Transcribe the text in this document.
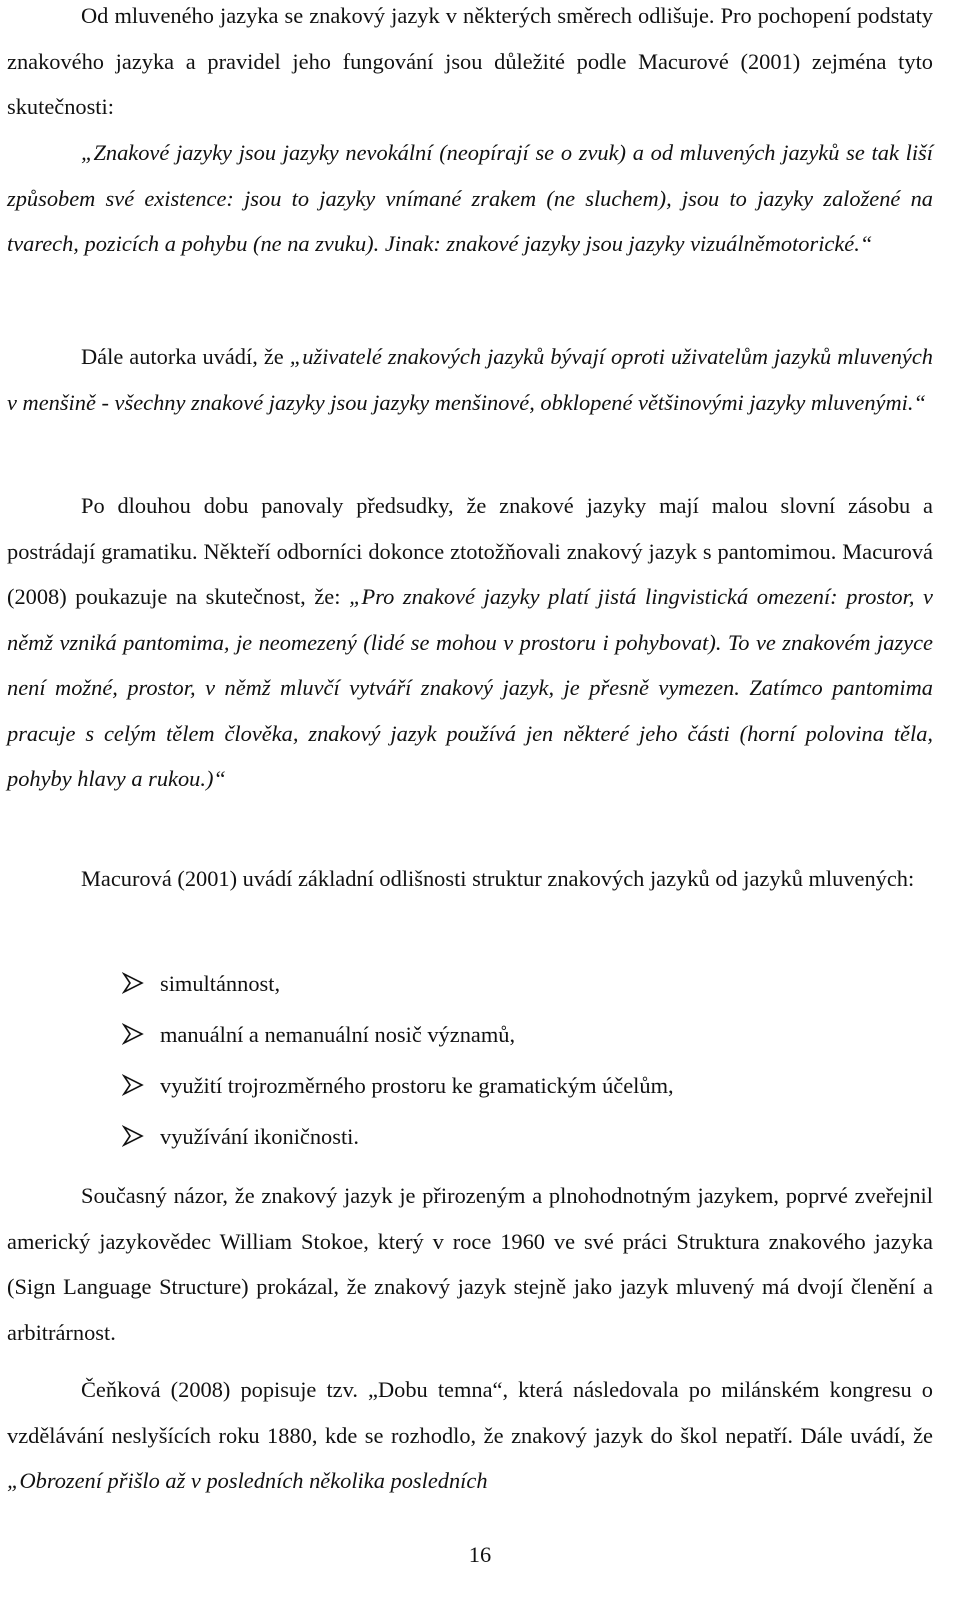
Od mluveného jazyka se znakový jazyk v některých směrech odlišuje. Pro pochopení podstaty znakového jazyka a pravidel jeho fungování jsou důležité podle Macurové (2001) zejména tyto skutečnosti:

„Znakové jazyky jsou jazyky nevokální (neopírají se o zvuk) a od mluvených jazyků se tak liší způsobem své existence: jsou to jazyky vnímané zrakem (ne sluchem), jsou to jazyky založené na tvarech, pozicích a pohybu (ne na zvuku). Jinak: znakové jazyky jsou jazyky vizuálněmotorické.“

Dále autorka uvádí, že „uživatelé znakových jazyků bývají oproti uživatelům jazyků mluvených v menšině - všechny znakové jazyky jsou jazyky menšinové, obklopené většinovými jazyky mluvenými.“

Po dlouhou dobu panovaly předsudky, že znakové jazyky mají malou slovní zásobu a postrádají gramatiku. Někteří odborníci dokonce ztotožňovali znakový jazyk s pantomimou. Macurová (2008) poukazuje na skutečnost, že: „Pro znakové jazyky platí jistá lingvistická omezení: prostor, v němž vzniká pantomima, je neomezený (lidé se mohou v prostoru i pohybovat). To ve znakovém jazyce není možné, prostor, v němž mluvčí vytváří znakový jazyk, je přesně vymezen. Zatímco pantomima pracuje s celým tělem člověka, znakový jazyk používá jen některé jeho části (horní polovina těla, pohyby hlavy a rukou.)“

Macurová (2001) uvádí základní odlišnosti struktur znakových jazyků od jazyků mluvených:

simultánnost,
manuální a nemanuální nosič významů,
využití trojrozměrného prostoru ke gramatickým účelům,
využívání ikoničnosti.

Současný názor, že znakový jazyk je přirozeným a plnohodnotným jazykem, poprvé zveřejnil americký jazykovědec William Stokoe, který v roce 1960 ve své práci Struktura znakového jazyka (Sign Language Structure) prokázal, že znakový jazyk stejně jako jazyk mluvený má dvojí členění a arbitrárnost.

Čeňková (2008) popisuje tzv. „Dobu temna“, která následovala po milánském kongresu o vzdělávání neslyšících roku 1880, kde se rozhodlo, že znakový jazyk do škol nepatří. Dále uvádí, že „Obrození přišlo až v posledních několika posledních

16
